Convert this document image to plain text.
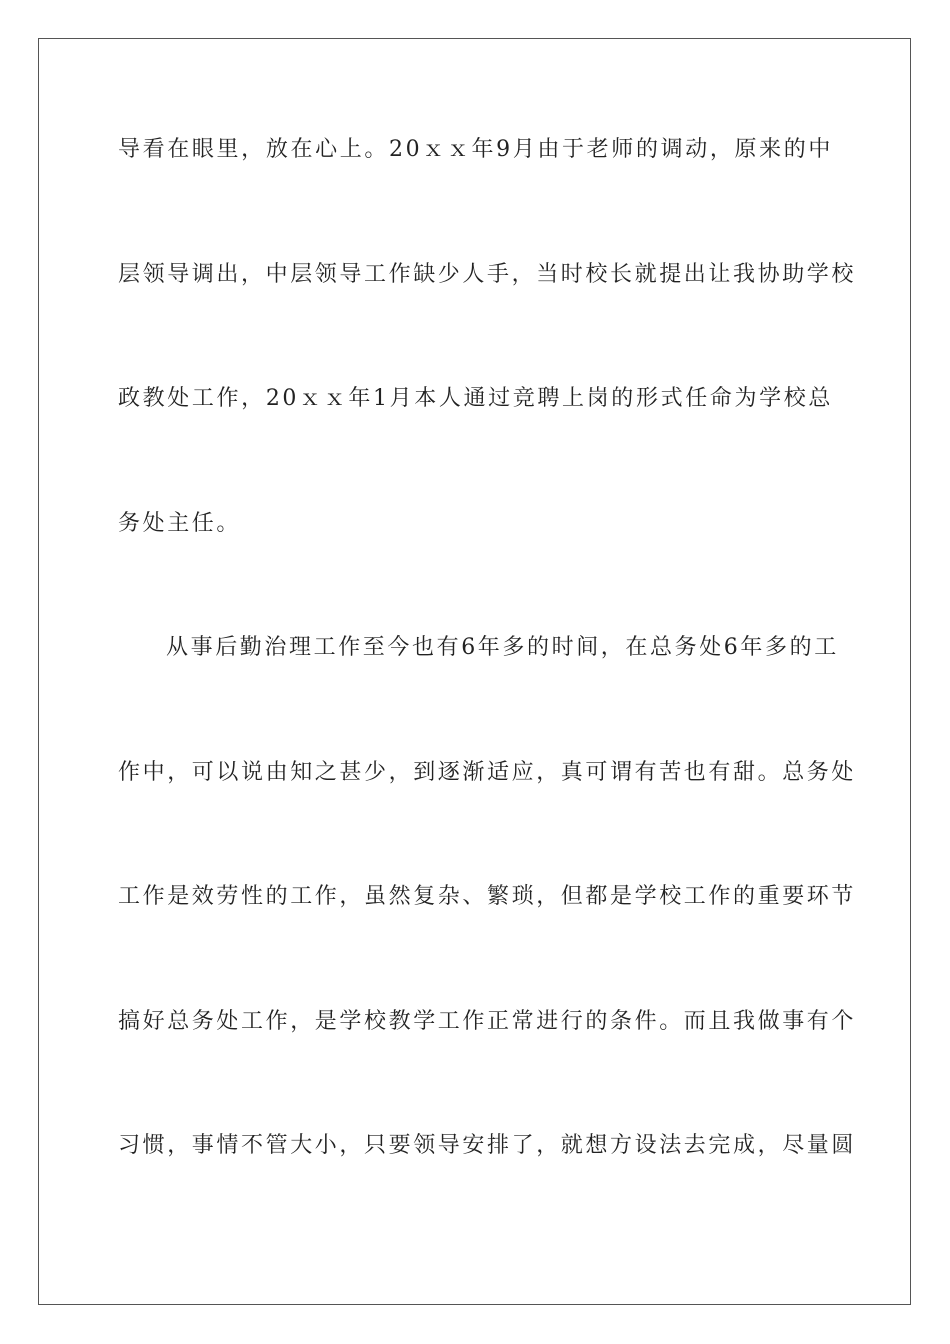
导看在眼里，放在心上。20ｘｘ年9月由于老师的调动，原来的中
层领导调出，中层领导工作缺少人手，当时校长就提出让我协助学校
政教处工作，20ｘｘ年1月本人通过竞聘上岗的形式任命为学校总
务处主任。
从事后勤治理工作至今也有6年多的时间，在总务处6年多的工
作中，可以说由知之甚少，到逐渐适应，真可谓有苦也有甜。总务处
工作是效劳性的工作，虽然复杂、繁琐，但都是学校工作的重要环节
搞好总务处工作，是学校教学工作正常进行的条件。而且我做事有个
习惯，事情不管大小，只要领导安排了，就想方设法去完成，尽量圆
